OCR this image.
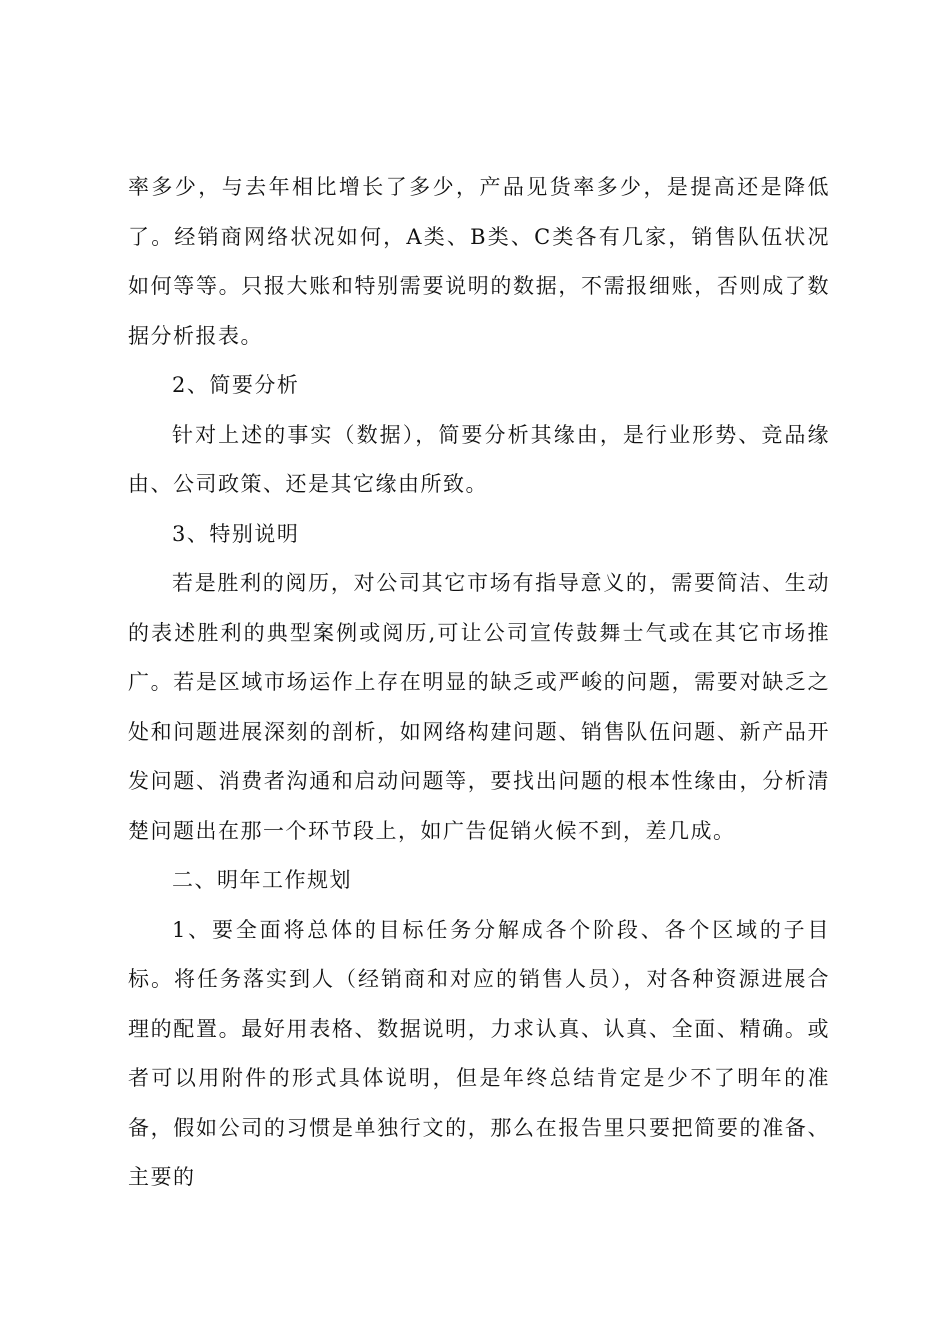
率多少，与去年相比增长了多少，产品见货率多少，是提高还是降低了。经销商网络状况如何，A类、B类、C类各有几家，销售队伍状况如何等等。只报大账和特别需要说明的数据，不需报细账，否则成了数据分析报表。

2、简要分析

针对上述的事实（数据），简要分析其缘由，是行业形势、竞品缘由、公司政策、还是其它缘由所致。

3、特别说明

若是胜利的阅历，对公司其它市场有指导意义的，需要简洁、生动的表述胜利的典型案例或阅历,可让公司宣传鼓舞士气或在其它市场推广。若是区域市场运作上存在明显的缺乏或严峻的问题，需要对缺乏之处和问题进展深刻的剖析，如网络构建问题、销售队伍问题、新产品开发问题、消费者沟通和启动问题等，要找出问题的根本性缘由，分析清楚问题出在那一个环节段上，如广告促销火候不到，差几成。

二、明年工作规划

1、要全面将总体的目标任务分解成各个阶段、各个区域的子目标。将任务落实到人（经销商和对应的销售人员），对各种资源进展合理的配置。最好用表格、数据说明，力求认真、认真、全面、精确。或者可以用附件的形式具体说明，但是年终总结肯定是少不了明年的准备，假如公司的习惯是单独行文的，那么在报告里只要把简要的准备、主要的
